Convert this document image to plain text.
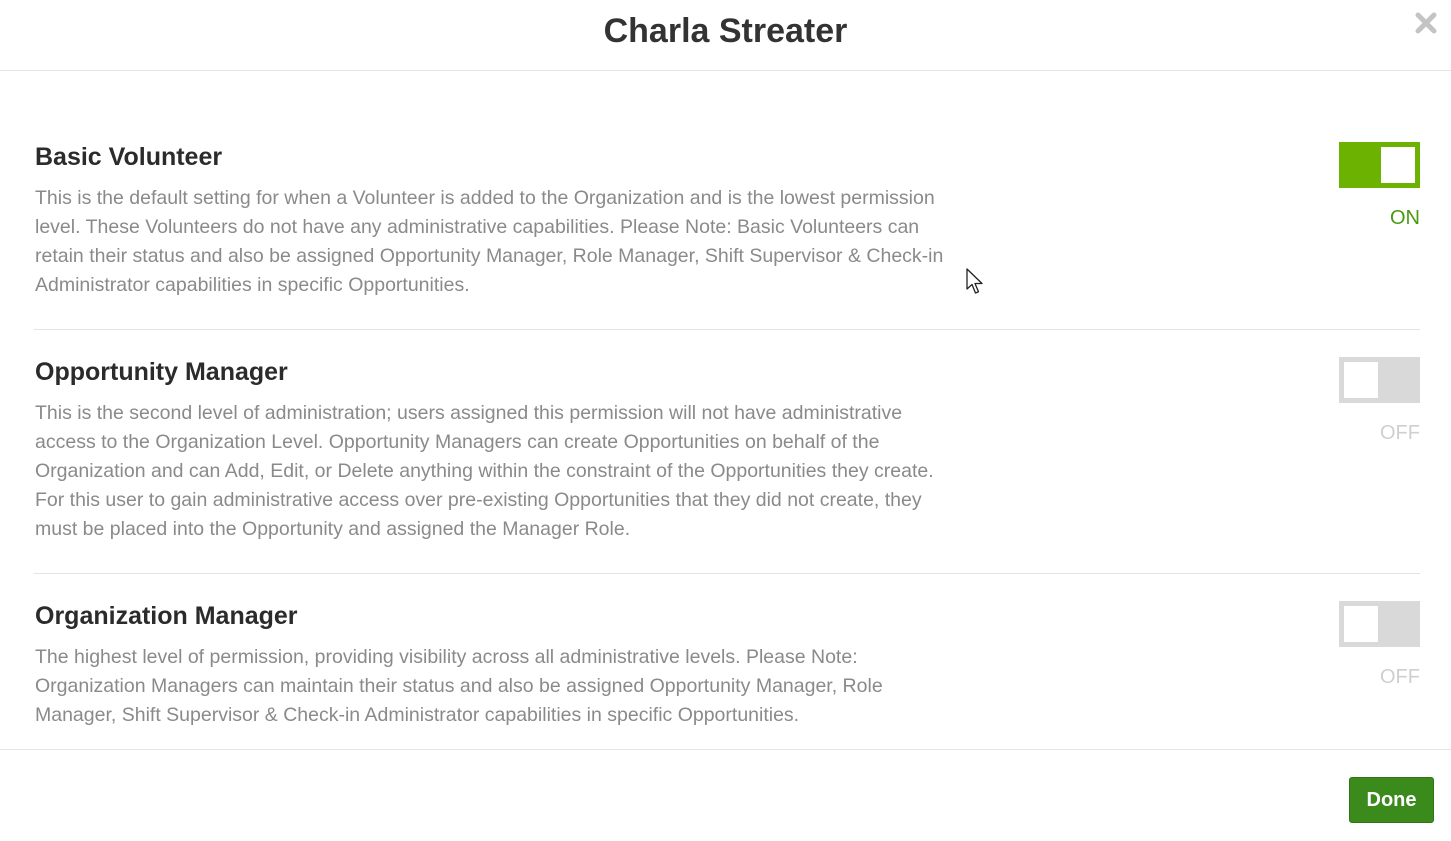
Charla Streater
Basic Volunteer
This is the default setting for when a Volunteer is added to the Organization and is the lowest permission level. These Volunteers do not have any administrative capabilities. Please Note: Basic Volunteers can retain their status and also be assigned Opportunity Manager, Role Manager, Shift Supervisor & Check-in Administrator capabilities in specific Opportunities.
ON
Opportunity Manager
This is the second level of administration; users assigned this permission will not have administrative access to the Organization Level. Opportunity Managers can create Opportunities on behalf of the Organization and can Add, Edit, or Delete anything within the constraint of the Opportunities they create. For this user to gain administrative access over pre-existing Opportunities that they did not create, they must be placed into the Opportunity and assigned the Manager Role.
OFF
Organization Manager
The highest level of permission, providing visibility across all administrative levels. Please Note: Organization Managers can maintain their status and also be assigned Opportunity Manager, Role Manager, Shift Supervisor & Check-in Administrator capabilities in specific Opportunities.
OFF
Done
